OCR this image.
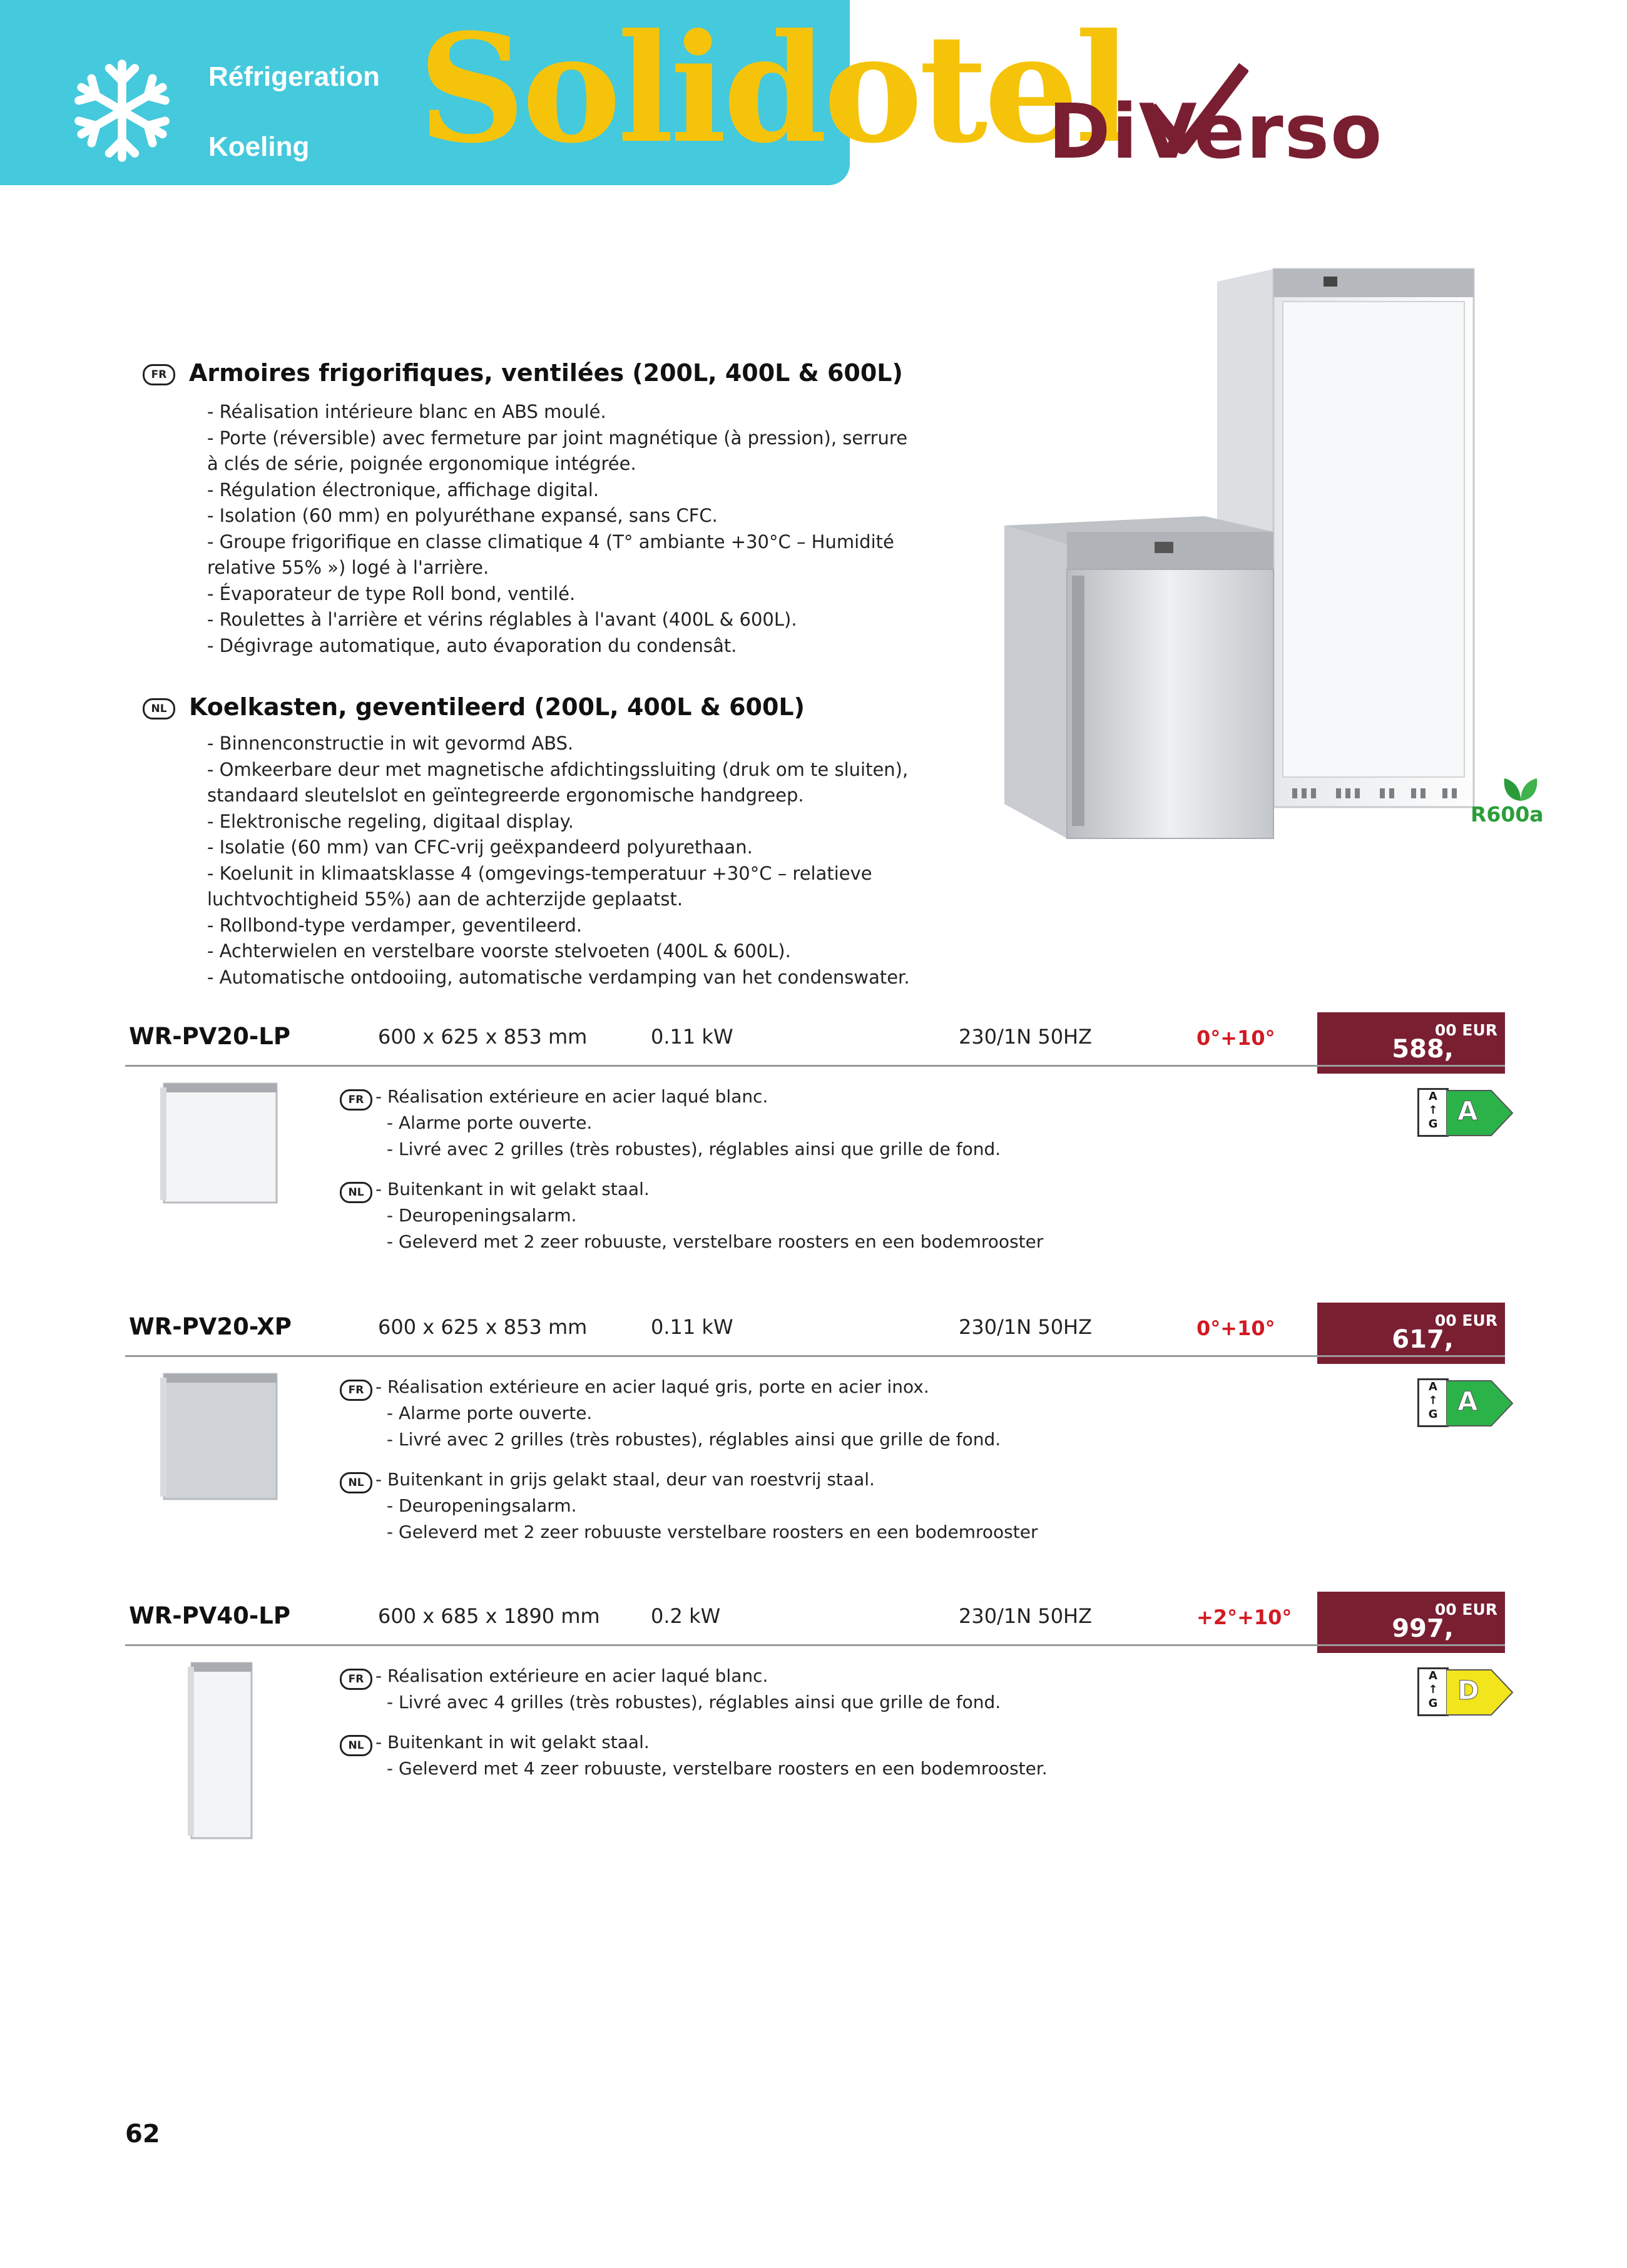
Réfrigeration
Koeling Solidotel
DiVerso
FR Armoires frigorifiques, ventilées (200L, 400L & 600L)
- Réalisation intérieure blanc en ABS moulé.
- Porte (réversible) avec fermeture par joint magnétique (à pression), serrure
à clés de série, poignée ergonomique intégrée.
- Régulation électronique, affichage digital.
- Isolation (60 mm) en polyuréthane expansé, sans CFC.
- Groupe frigorifique en classe climatique 4 (T° ambiante +30°C – Humidité
relative 55% ») logé à l'arrière.
- Évaporateur de type Roll bond, ventilé.
- Roulettes à l'arrière et vérins réglables à l'avant (400L & 600L).
- Dégivrage automatique, auto évaporation du condensât.
NL Koelkasten, geventileerd (200L, 400L & 600L)
- Binnenconstructie in wit gevormd ABS.
- Omkeerbare deur met magnetische afdichtingssluiting (druk om te sluiten),
standaard sleutelslot en geïntegreerde ergonomische handgreep.
- Elektronische regeling, digitaal display.
- Isolatie (60 mm) van CFC-vrij geëxpandeerd polyurethaan.
- Koelunit in klimaatsklasse 4 (omgevings-temperatuur +30°C – relatieve
luchtvochtigheid 55%) aan de achterzijde geplaatst.
- Rollbond-type verdamper, geventileerd.
- Achterwielen en verstelbare voorste stelvoeten (400L & 600L).
- Automatische ontdooiing, automatische verdamping van het condenswater.
R600a
WR-PV20-LP	600 x 625 x 853 mm	0.11 kW	230/1N 50HZ	0°+10°	588,
00 EUR
FR - Réalisation extérieure en acier laqué blanc.
- Alarme porte ouverte.
- Livré avec 2 grilles (très robustes), réglables ainsi que grille de fond.
NL - Buitenkant in wit gelakt staal.
- Deuropeningsalarm.
- Geleverd met 2 zeer robuuste, verstelbare roosters en een bodemrooster
A
↑
G A
WR-PV20-XP	600 x 625 x 853 mm	0.11 kW	230/1N 50HZ	0°+10°	617,
00 EUR
FR - Réalisation extérieure en acier laqué gris, porte en acier inox.
- Alarme porte ouverte.
- Livré avec 2 grilles (très robustes), réglables ainsi que grille de fond.
NL - Buitenkant in grijs gelakt staal, deur van roestvrij staal.
- Deuropeningsalarm.
- Geleverd met 2 zeer robuuste verstelbare roosters en een bodemrooster
A
↑
G A
WR-PV40-LP	600 x 685 x 1890 mm	0.2 kW	230/1N 50HZ	+2°+10°	997,
00 EUR
FR - Réalisation extérieure en acier laqué blanc.
- Livré avec 4 grilles (très robustes), réglables ainsi que grille de fond.
NL - Buitenkant in wit gelakt staal.
- Geleverd met 4 zeer robuuste, verstelbare roosters en een bodemrooster.
A
↑
G D
62
